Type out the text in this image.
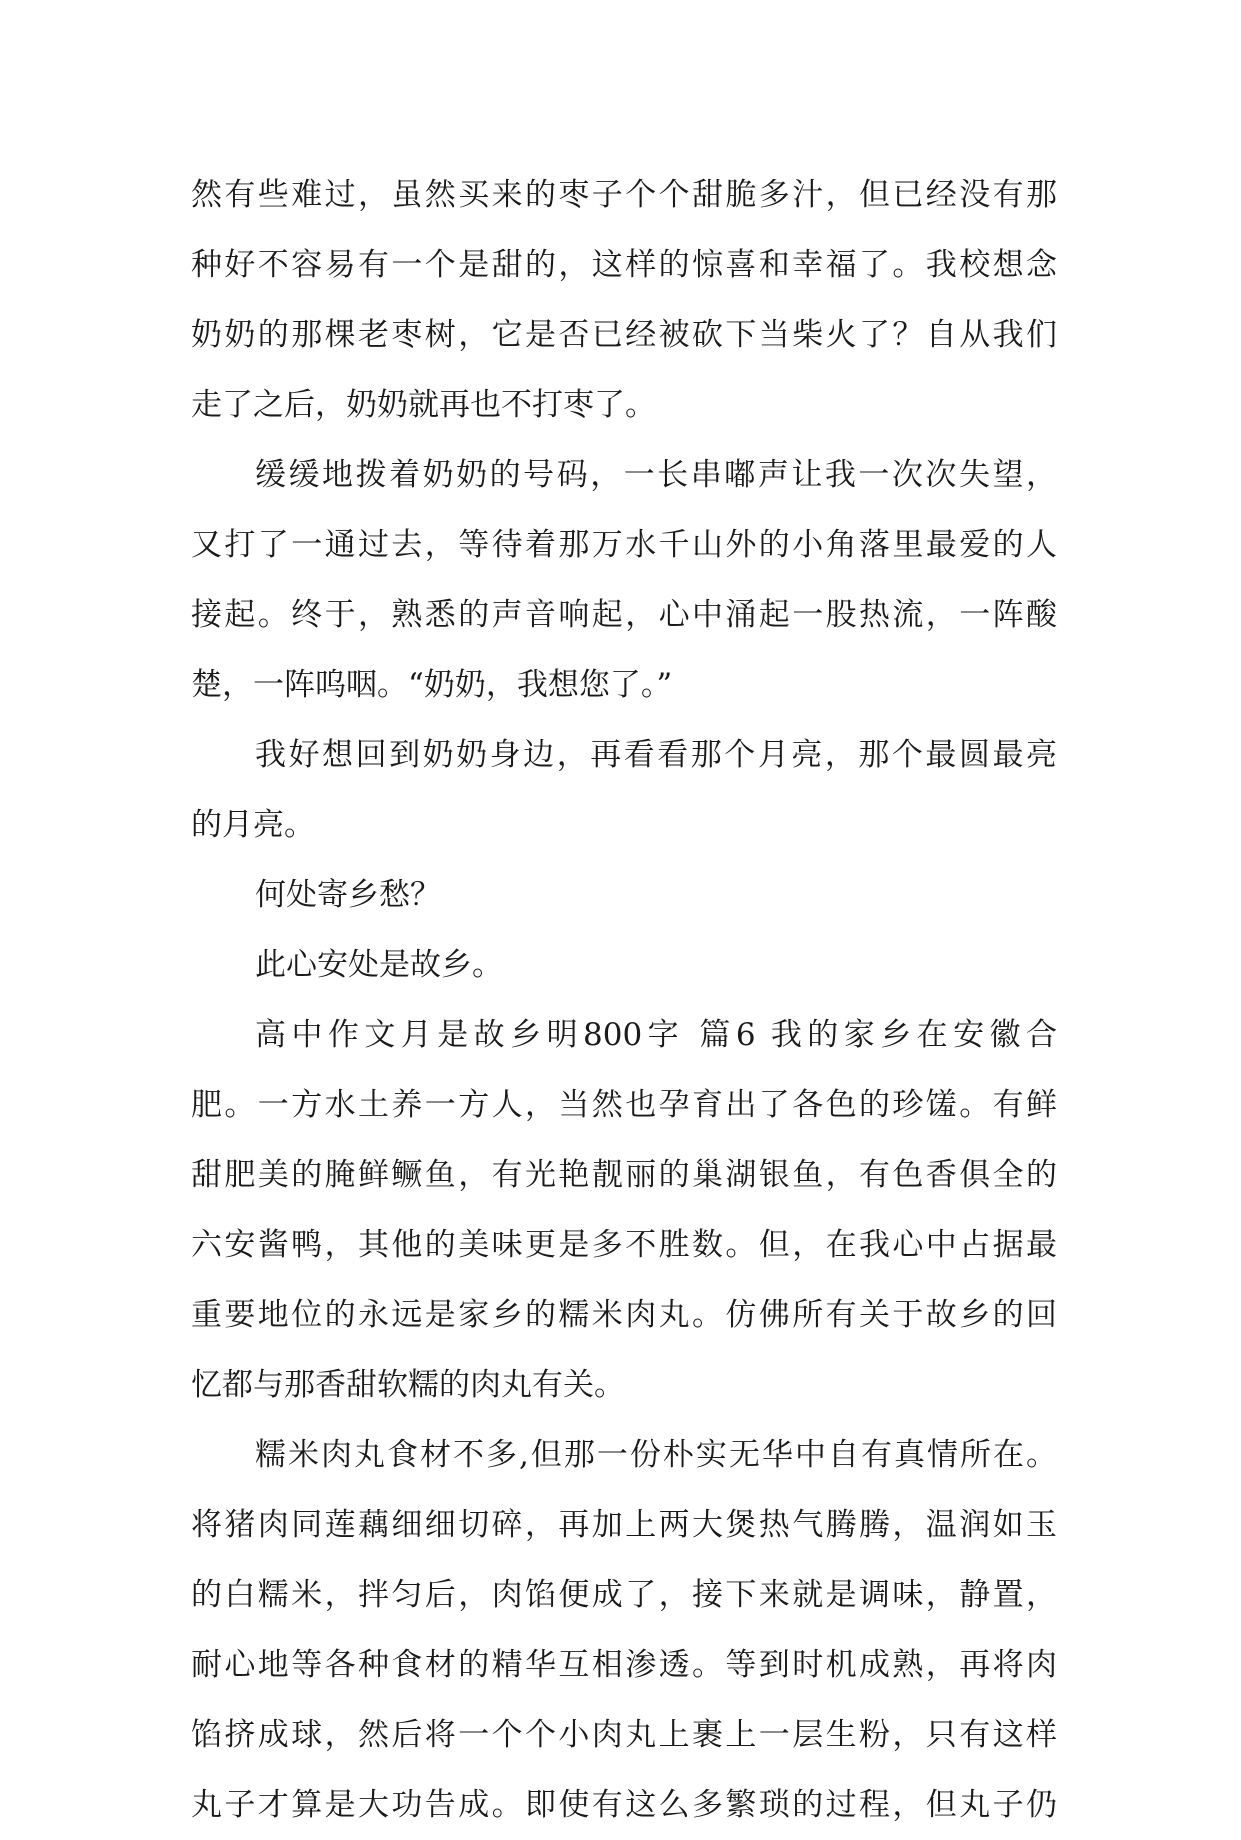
然有些难过，虽然买来的枣子个个甜脆多汁，但已经没有那
种好不容易有一个是甜的，这样的惊喜和幸福了。我校想念
奶奶的那棵老枣树，它是否已经被砍下当柴火了？自从我们
走了之后，奶奶就再也不打枣了。
缓缓地拨着奶奶的号码，一长串嘟声让我一次次失望，
又打了一通过去，等待着那万水千山外的小角落里最爱的人
接起。终于，熟悉的声音响起，心中涌起一股热流，一阵酸
楚，一阵呜咽。“奶奶，我想您了。”
我好想回到奶奶身边，再看看那个月亮，那个最圆最亮
的月亮。
何处寄乡愁？
此心安处是故乡。
高中作文月是故乡明800字 篇6 我的家乡在安徽合
肥。一方水土养一方人，当然也孕育出了各色的珍馐。有鲜
甜肥美的腌鲜鳜鱼，有光艳靓丽的巢湖银鱼，有色香俱全的
六安酱鸭，其他的美味更是多不胜数。但，在我心中占据最
重要地位的永远是家乡的糯米肉丸。仿佛所有关于故乡的回
忆都与那香甜软糯的肉丸有关。
糯米肉丸食材不多,但那一份朴实无华中自有真情所在。
将猪肉同莲藕细细切碎，再加上两大煲热气腾腾，温润如玉
的白糯米，拌匀后，肉馅便成了，接下来就是调味，静置，
耐心地等各种食材的精华互相渗透。等到时机成熟，再将肉
馅挤成球，然后将一个个小肉丸上裹上一层生粉，只有这样
丸子才算是大功告成。即使有这么多繁琐的过程，但丸子仍
